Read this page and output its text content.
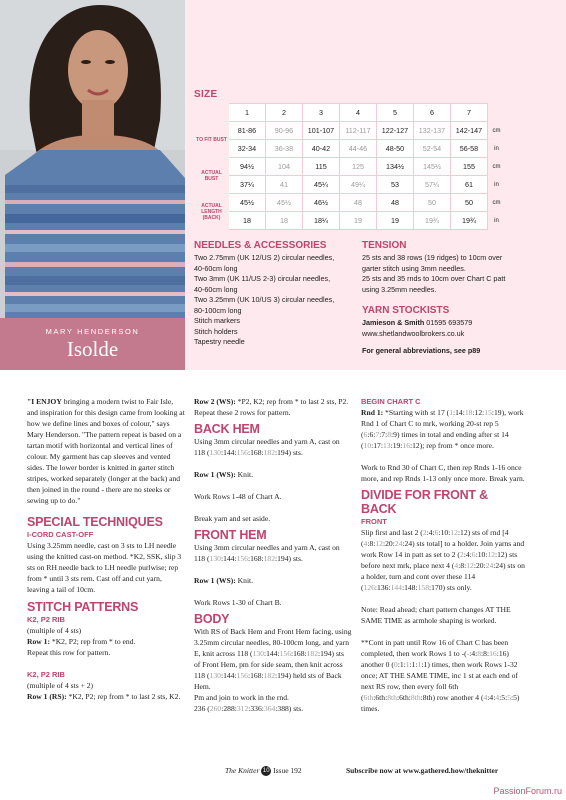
MARY HENDERSON
Isolde
SIZE
	1	2	3	4	5	6	7	
TO FIT BUST	81-86	90-96	101-107	112-117	122-127	132-137	142-147	cm
	32-34	36-38	40-42	44-46	48-50	52-54	56-58	in
ACTUAL BUST	94½	104	115	125	134½	145½	155	cm
	37¼	41	45¼	49¼	53	57¼	61	in
ACTUAL LENGTH (BACK)	45½	45½	46½	48	48	50	50	cm
	18	18	18¼	19	19	19¾	19¾	in
NEEDLES & ACCESSORIES
Two 2.75mm (UK 12/US 2) circular needles,
40-60cm long
Two 3mm (UK 11/US 2-3) circular needles,
40-60cm long
Two 3.25mm (UK 10/US 3) circular needles,
80-100cm long
Stitch markers
Stitch holders
Tapestry needle
TENSION
25 sts and 38 rows (19 ridges) to 10cm over
garter stitch using 3mm needles.
25 sts and 35 rnds to 10cm over Chart C patt
using 3.25mm needles.
YARN STOCKISTS
Jamieson & Smith 01595 693579
www.shetlandwoolbrokers.co.uk
For general abbreviations, see p89
"I ENJOY bringing a modern twist to Fair Isle, and inspiration for this design came from looking at how we define lines and boxes of colour," says Mary Henderson. "The pattern repeat is based on a tartan motif with horizontal and vertical lines of colour. My garment has cap sleeves and vented sides. The lower border is knitted in garter stitch stripes, worked separately (longer at the back) and then joined in the round - there are no steeks or sewing up to do."
SPECIAL TECHNIQUES
I-CORD CAST-OFF
Using 3.25mm needle, cast on 3 sts to LH needle using the knitted cast-on method. *K2, SSK, slip 3 sts on RH needle back to LH needle purlwise; rep from * until 3 sts rem. Cast off and cut yarn, leaving a tail of 10cm.
STITCH PATTERNS
K2, P2 RIB
(multiple of 4 sts)
Row 1: *K2, P2; rep from * to end.
Repeat this row for pattern.
K2, P2 RIB
(multiple of 4 sts + 2)
Row 1 (RS): *K2, P2; rep from * to last 2 sts, K2.
Row 2 (WS): *P2, K2; rep from * to last 2 sts, P2.
Repeat these 2 rows for pattern.
BACK HEM
Using 3mm circular needles and yarn A, cast on 118 (130:144:156:168:182:194) sts.
Row 1 (WS): Knit.
Work Rows 1-48 of Chart A.
Break yarn and set aside.
FRONT HEM
Using 3mm circular needles and yarn A, cast on 118 (130:144:156:168:182:194) sts.
Row 1 (WS): Knit.
Work Rows 1-30 of Chart B.
BODY
With RS of Back Hem and Front Hem facing, using 3.25mm circular needles, 80-100cm long, and yarn E, knit across 118 (130:144:156:168:182:194) sts of Front Hem, pm for side seam, then knit across 118 (130:144:156:168:182:194) held sts of Back Hem.
Pm and join to work in the rnd.
236 (260:288:312:336:364:388) sts.
BEGIN CHART C
Rnd 1: *Starting with st 17 (1:14:18:12:15:19), work Rnd 1 of Chart C to mrk, working 20-st rep 5 (6:6:7:7:8:9) times in total and ending after st 14 (10:17:13:19:16:12); rep from * once more.
Work to Rnd 30 of Chart C, then rep Rnds 1-16 once more, and rep Rnds 1-13 only once more. Break yarn.
DIVIDE FOR FRONT & BACK
FRONT
Slip first and last 2 (2:4:6:10:12:12) sts of rnd [4 (4:8:12:20:24:24) sts total] to a holder. Join yarns and work Row 14 in patt as set to 2 (2:4:6:10:12:12) sts before next mrk, place next 4 (4:8:12:20:24:24) sts on a holder, turn and cont over these 114 (126:136:144:148:158:170) sts only.
Note: Read ahead; chart pattern changes AT THE SAME TIME as armhole shaping is worked.
**Cont in patt until Row 16 of Chart C has been completed, then work Rows 1 to -(-:4:8:8:16:16) another 0 (0:1:1:1:1:1) times, then work Rows 1-32 once; AT THE SAME TIME, inc 1 st at each end of next RS row, then every foll 6th (6th:6th:8th:6th:8th:8th) row another 4 (4:4:4:5:5:5) times.
The Knitter 10 Issue 192	Subscribe now at www.gathered.how/theknitter
PassionForum.ru
